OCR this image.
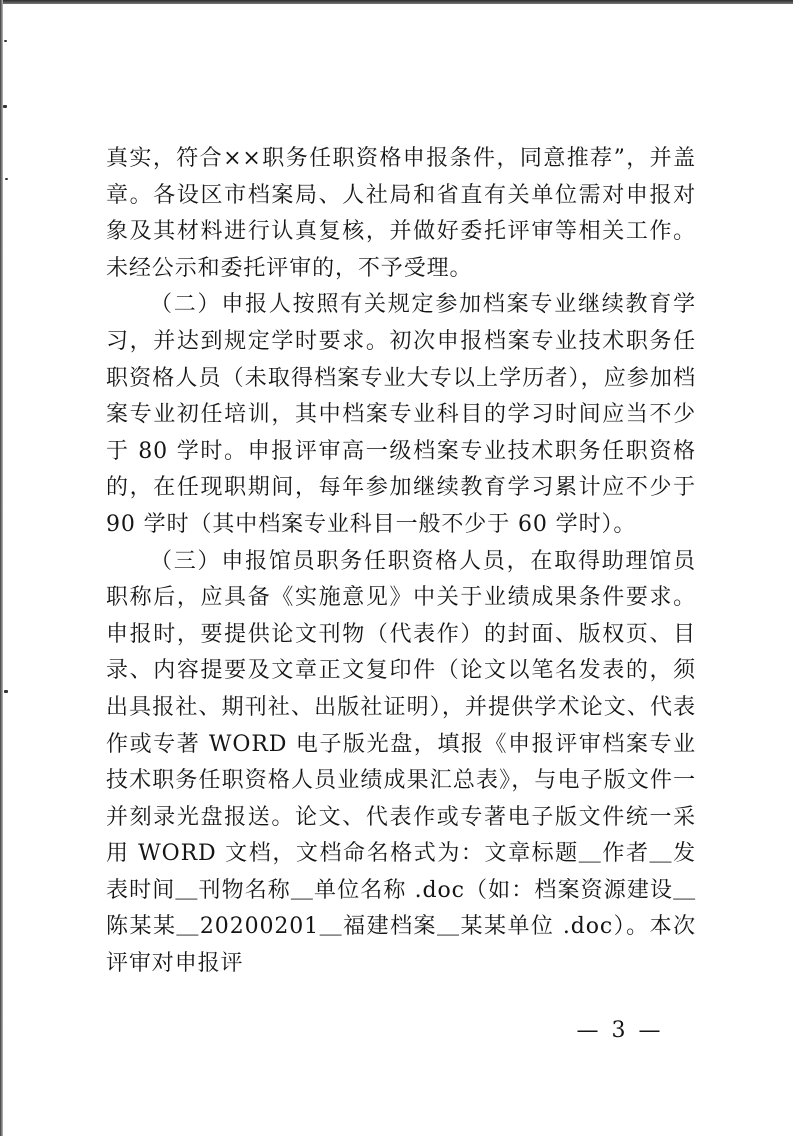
真实，符合××职务任职资格申报条件，同意推荐”，并盖章。各设区市档案局、人社局和省直有关单位需对申报对象及其材料进行认真复核，并做好委托评审等相关工作。未经公示和委托评审的，不予受理。

（二）申报人按照有关规定参加档案专业继续教育学习，并达到规定学时要求。初次申报档案专业技术职务任职资格人员（未取得档案专业大专以上学历者），应参加档案专业初任培训，其中档案专业科目的学习时间应当不少于 80 学时。申报评审高一级档案专业技术职务任职资格的，在任现职期间，每年参加继续教育学习累计应不少于 90 学时（其中档案专业科目一般不少于 60 学时）。

（三）申报馆员职务任职资格人员，在取得助理馆员职称后，应具备《实施意见》中关于业绩成果条件要求。申报时，要提供论文刊物（代表作）的封面、版权页、目录、内容提要及文章正文复印件（论文以笔名发表的，须出具报社、期刊社、出版社证明），并提供学术论文、代表作或专著 WORD 电子版光盘，填报《申报评审档案专业技术职务任职资格人员业绩成果汇总表》，与电子版文件一并刻录光盘报送。论文、代表作或专著电子版文件统一采用 WORD 文档，文档命名格式为：文章标题＿作者＿发表时间＿刊物名称＿单位名称 .doc（如：档案资源建设＿陈某某＿20200201＿福建档案＿某某单位 .doc）。本次评审对申报评

— 3 —
